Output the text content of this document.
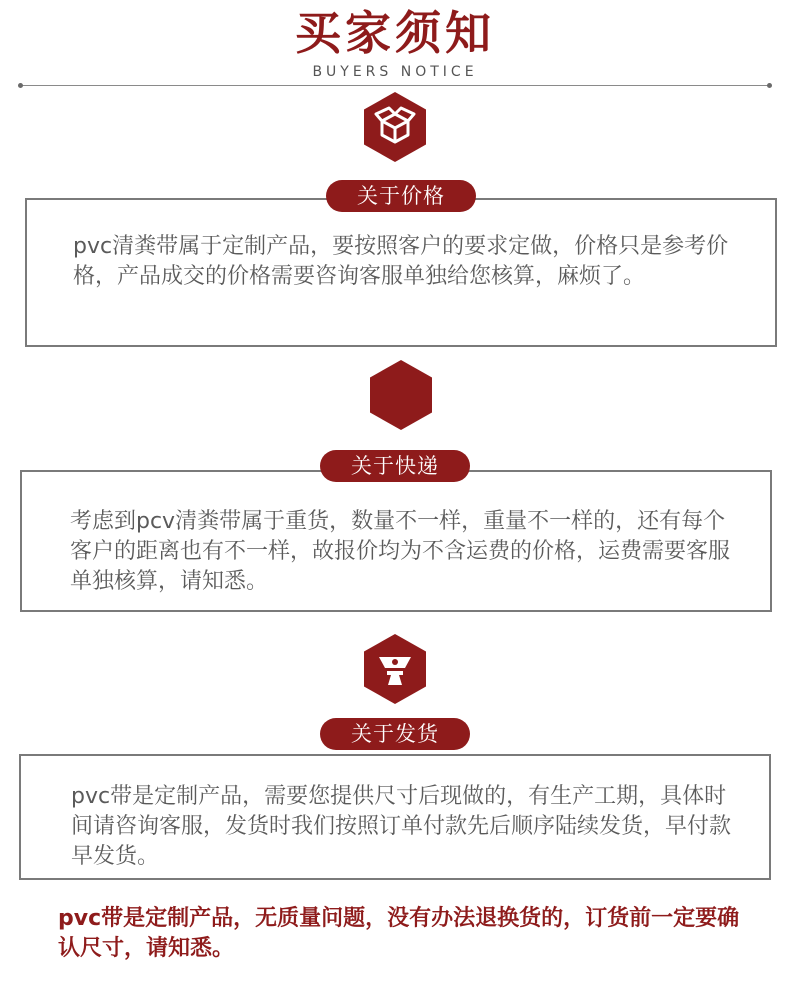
买家须知
BUYERS NOTICE
pvc清粪带属于定制产品，要按照客户的要求定做，价格只是参考价格，产品成交的价格需要咨询客服单独给您核算，麻烦了。
关于价格
考虑到pcv清粪带属于重货，数量不一样，重量不一样的，还有每个客户的距离也有不一样，故报价均为不含运费的价格，运费需要客服单独核算，请知悉。
关于快递
pvc带是定制产品，需要您提供尺寸后现做的，有生产工期，具体时间请咨询客服，发货时我们按照订单付款先后顺序陆续发货，早付款早发货。
关于发货
pvc带是定制产品，无质量问题，没有办法退换货的，订货前一定要确认尺寸，请知悉。
